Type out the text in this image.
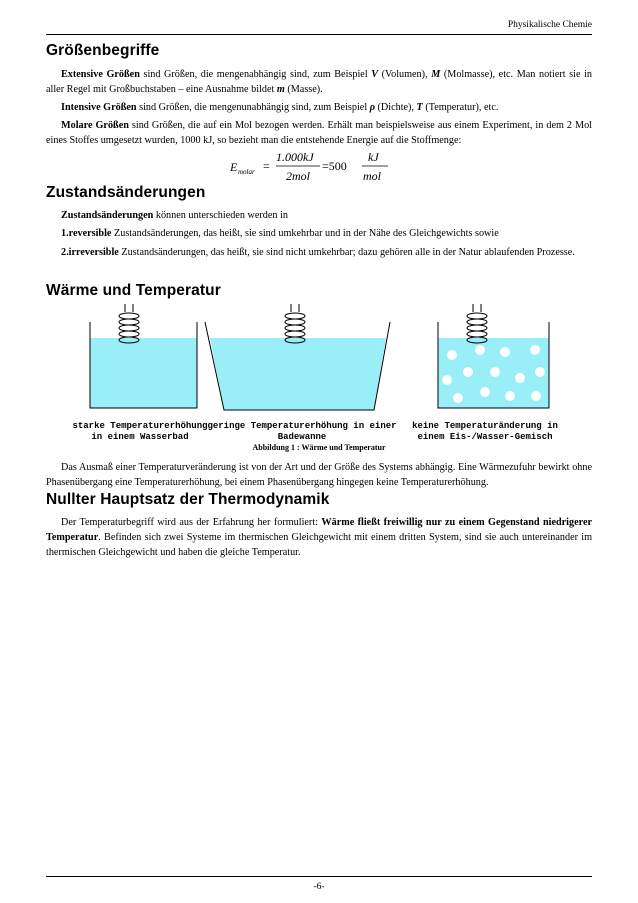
Physikalische Chemie
Größenbegriffe

Extensive Größen sind Größen, die mengenabhängig sind, zum Beispiel V (Volumen), M (Molmasse), etc. Man notiert sie in aller Regel mit Großbuchstaben – eine Ausnahme bildet m (Masse).

Intensive Größen sind Größen, die mengenunabhängig sind, zum Beispiel ρ (Dichte), T (Temperatur), etc.

Molare Größen sind Größen, die auf ein Mol bezogen werden. Erhält man beispielsweise aus einem Experiment, in dem 2 Mol eines Stoffes umgesetzt wurden, 1000 kJ, so bezieht man die entstehende Energie auf die Stoffmenge:

E molar =
1.000kJ
2mol
=500
kJ
mol
Zustandsänderungen

Zustandsänderungen können unterschieden werden in

1.reversible Zustandsänderungen, das heißt, sie sind umkehrbar und in der Nähe des Gleichgewichts sowie

2.irreversible Zustandsänderungen, das heißt, sie sind nicht umkehrbar; dazu gehören alle in der Natur ablaufenden Prozesse.

Wärme und Temperatur
starke Temperaturerhöhung
in einem Wasserbad
geringe Temperaturerhöhung in einer
Badewanne
keine Temperaturänderung in
einem Eis-/Wasser-Gemisch
Abbildung 1 : Wärme und Temperatur

Das Ausmaß einer Temperaturveränderung ist von der Art und der Größe des Systems abhängig. Eine Wärmezufuhr bewirkt ohne Phasenübergang eine Temperaturerhöhung, bei einem Phasenübergang hingegen keine Temperaturerhöhung.

Nullter Hauptsatz der Thermodynamik

Der Temperaturbegriff wird aus der Erfahrung her formuliert: Wärme fließt freiwillig nur zu einem Gegenstand niedrigerer Temperatur. Befinden sich zwei Systeme im thermischen Gleichgewicht mit einem dritten System, sind sie auch untereinander im thermischen Gleichgewicht und haben die gleiche Temperatur.

-6-
